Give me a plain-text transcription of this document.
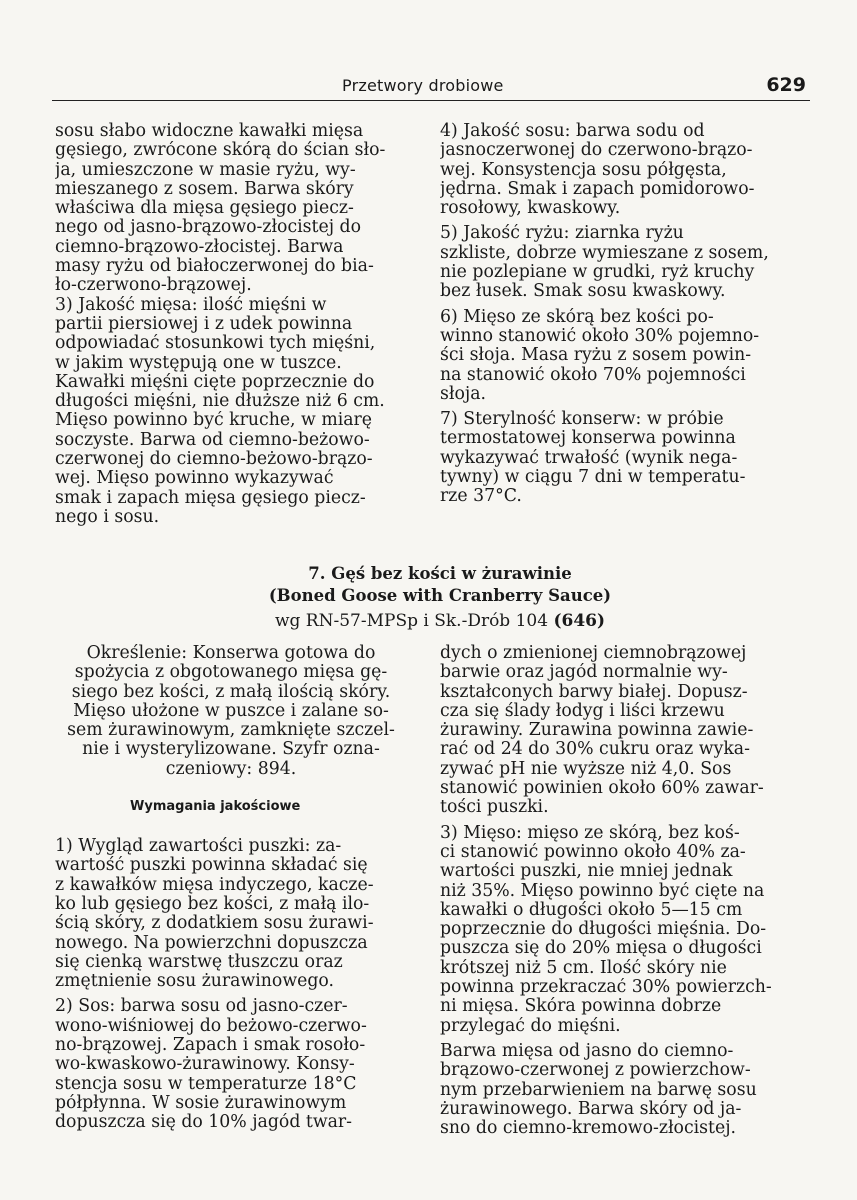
Przetwory drobiowe	629
sosu słabo widoczne kawałki mięsa
gęsiego, zwrócone skórą do ścian sło-
ja, umieszczone w masie ryżu, wy-
mieszanego z sosem. Barwa skóry
właściwa dla mięsa gęsiego piecz-
nego od jasno-brązowo-złocistej do
ciemno-brązowo-złocistej. Barwa
masy ryżu od białoczerwonej do bia-
ło-czerwono-brązowej.
3) Jakość mięsa: ilość mięśni w
partii piersiowej i z udek powinna
odpowiadać stosunkowi tych mięśni,
w jakim występują one w tuszce.
Kawałki mięśni cięte poprzecznie do
długości mięśni, nie dłuższe niż 6 cm.
Mięso powinno być kruche, w miarę
soczyste. Barwa od ciemno-beżowo-
czerwonej do ciemno-beżowo-brązo-
wej. Mięso powinno wykazywać
smak i zapach mięsa gęsiego piecz-
nego i sosu.
4) Jakość sosu: barwa sodu od
jasnoczerwonej do czerwono-brązo-
wej. Konsystencja sosu półgęsta,
jędrna. Smak i zapach pomidorowo-
rosołowy, kwaskowy.
5) Jakość ryżu: ziarnka ryżu
szkliste, dobrze wymieszane z sosem,
nie pozlepiane w grudki, ryż kruchy
bez łusek. Smak sosu kwaskowy.
6) Mięso ze skórą bez kości po-
winno stanowić około 30% pojemno-
ści słoja. Masa ryżu z sosem powin-
na stanowić około 70% pojemności
słoja.
7) Sterylność konserw: w próbie
termostatowej konserwa powinna
wykazywać trwałość (wynik nega-
tywny) w ciągu 7 dni w temperatu-
rze 37°C.
7. Gęś bez kości w żurawinie
(Boned Goose with Cranberry Sauce)
wg RN-57-MPSp i Sk.-Drób 104 (646)
Określenie: Konserwa gotowa do
spożycia z obgotowanego mięsa gę-
siego bez kości, z małą ilością skóry.
Mięso ułożone w puszce i zalane so-
sem żurawinowym, zamknięte szczel-
nie i wysterylizowane. Szyfr ozna-
czeniowy: 894.
Wymagania jakościowe
1) Wygląd zawartości puszki: za-
wartość puszki powinna składać się
z kawałków mięsa indyczego, kacze-
ko lub gęsiego bez kości, z małą ilo-
ścią skóry, z dodatkiem sosu żurawi-
nowego. Na powierzchni dopuszcza
się cienką warstwę tłuszczu oraz
zmętnienie sosu żurawinowego.
2) Sos: barwa sosu od jasno-czer-
wono-wiśniowej do beżowo-czerwo-
no-brązowej. Zapach i smak rosoło-
wo-kwaskowo-żurawinowy. Konsy-
stencja sosu w temperaturze 18°C
półpłynna. W sosie żurawinowym
dopuszcza się do 10% jagód twar-
dych o zmienionej ciemnobrązowej
barwie oraz jagód normalnie wy-
kształconych barwy białej. Dopusz-
cza się ślady łodyg i liści krzewu
żurawiny. Żurawina powinna zawie-
rać od 24 do 30% cukru oraz wyka-
zywać pH nie wyższe niż 4,0. Sos
stanowić powinien około 60% zawar-
tości puszki.
3) Mięso: mięso ze skórą, bez koś-
ci stanowić powinno około 40% za-
wartości puszki, nie mniej jednak
niż 35%. Mięso powinno być cięte na
kawałki o długości około 5—15 cm
poprzecznie do długości mięśnia. Do-
puszcza się do 20% mięsa o długości
krótszej niż 5 cm. Ilość skóry nie
powinna przekraczać 30% powierzch-
ni mięsa. Skóra powinna dobrze
przylegać do mięśni.
Barwa mięsa od jasno do ciemno-
brązowo-czerwonej z powierzchow-
nym przebarwieniem na barwę sosu
żurawinowego. Barwa skóry od ja-
sno do ciemno-kremowo-złocistej.
